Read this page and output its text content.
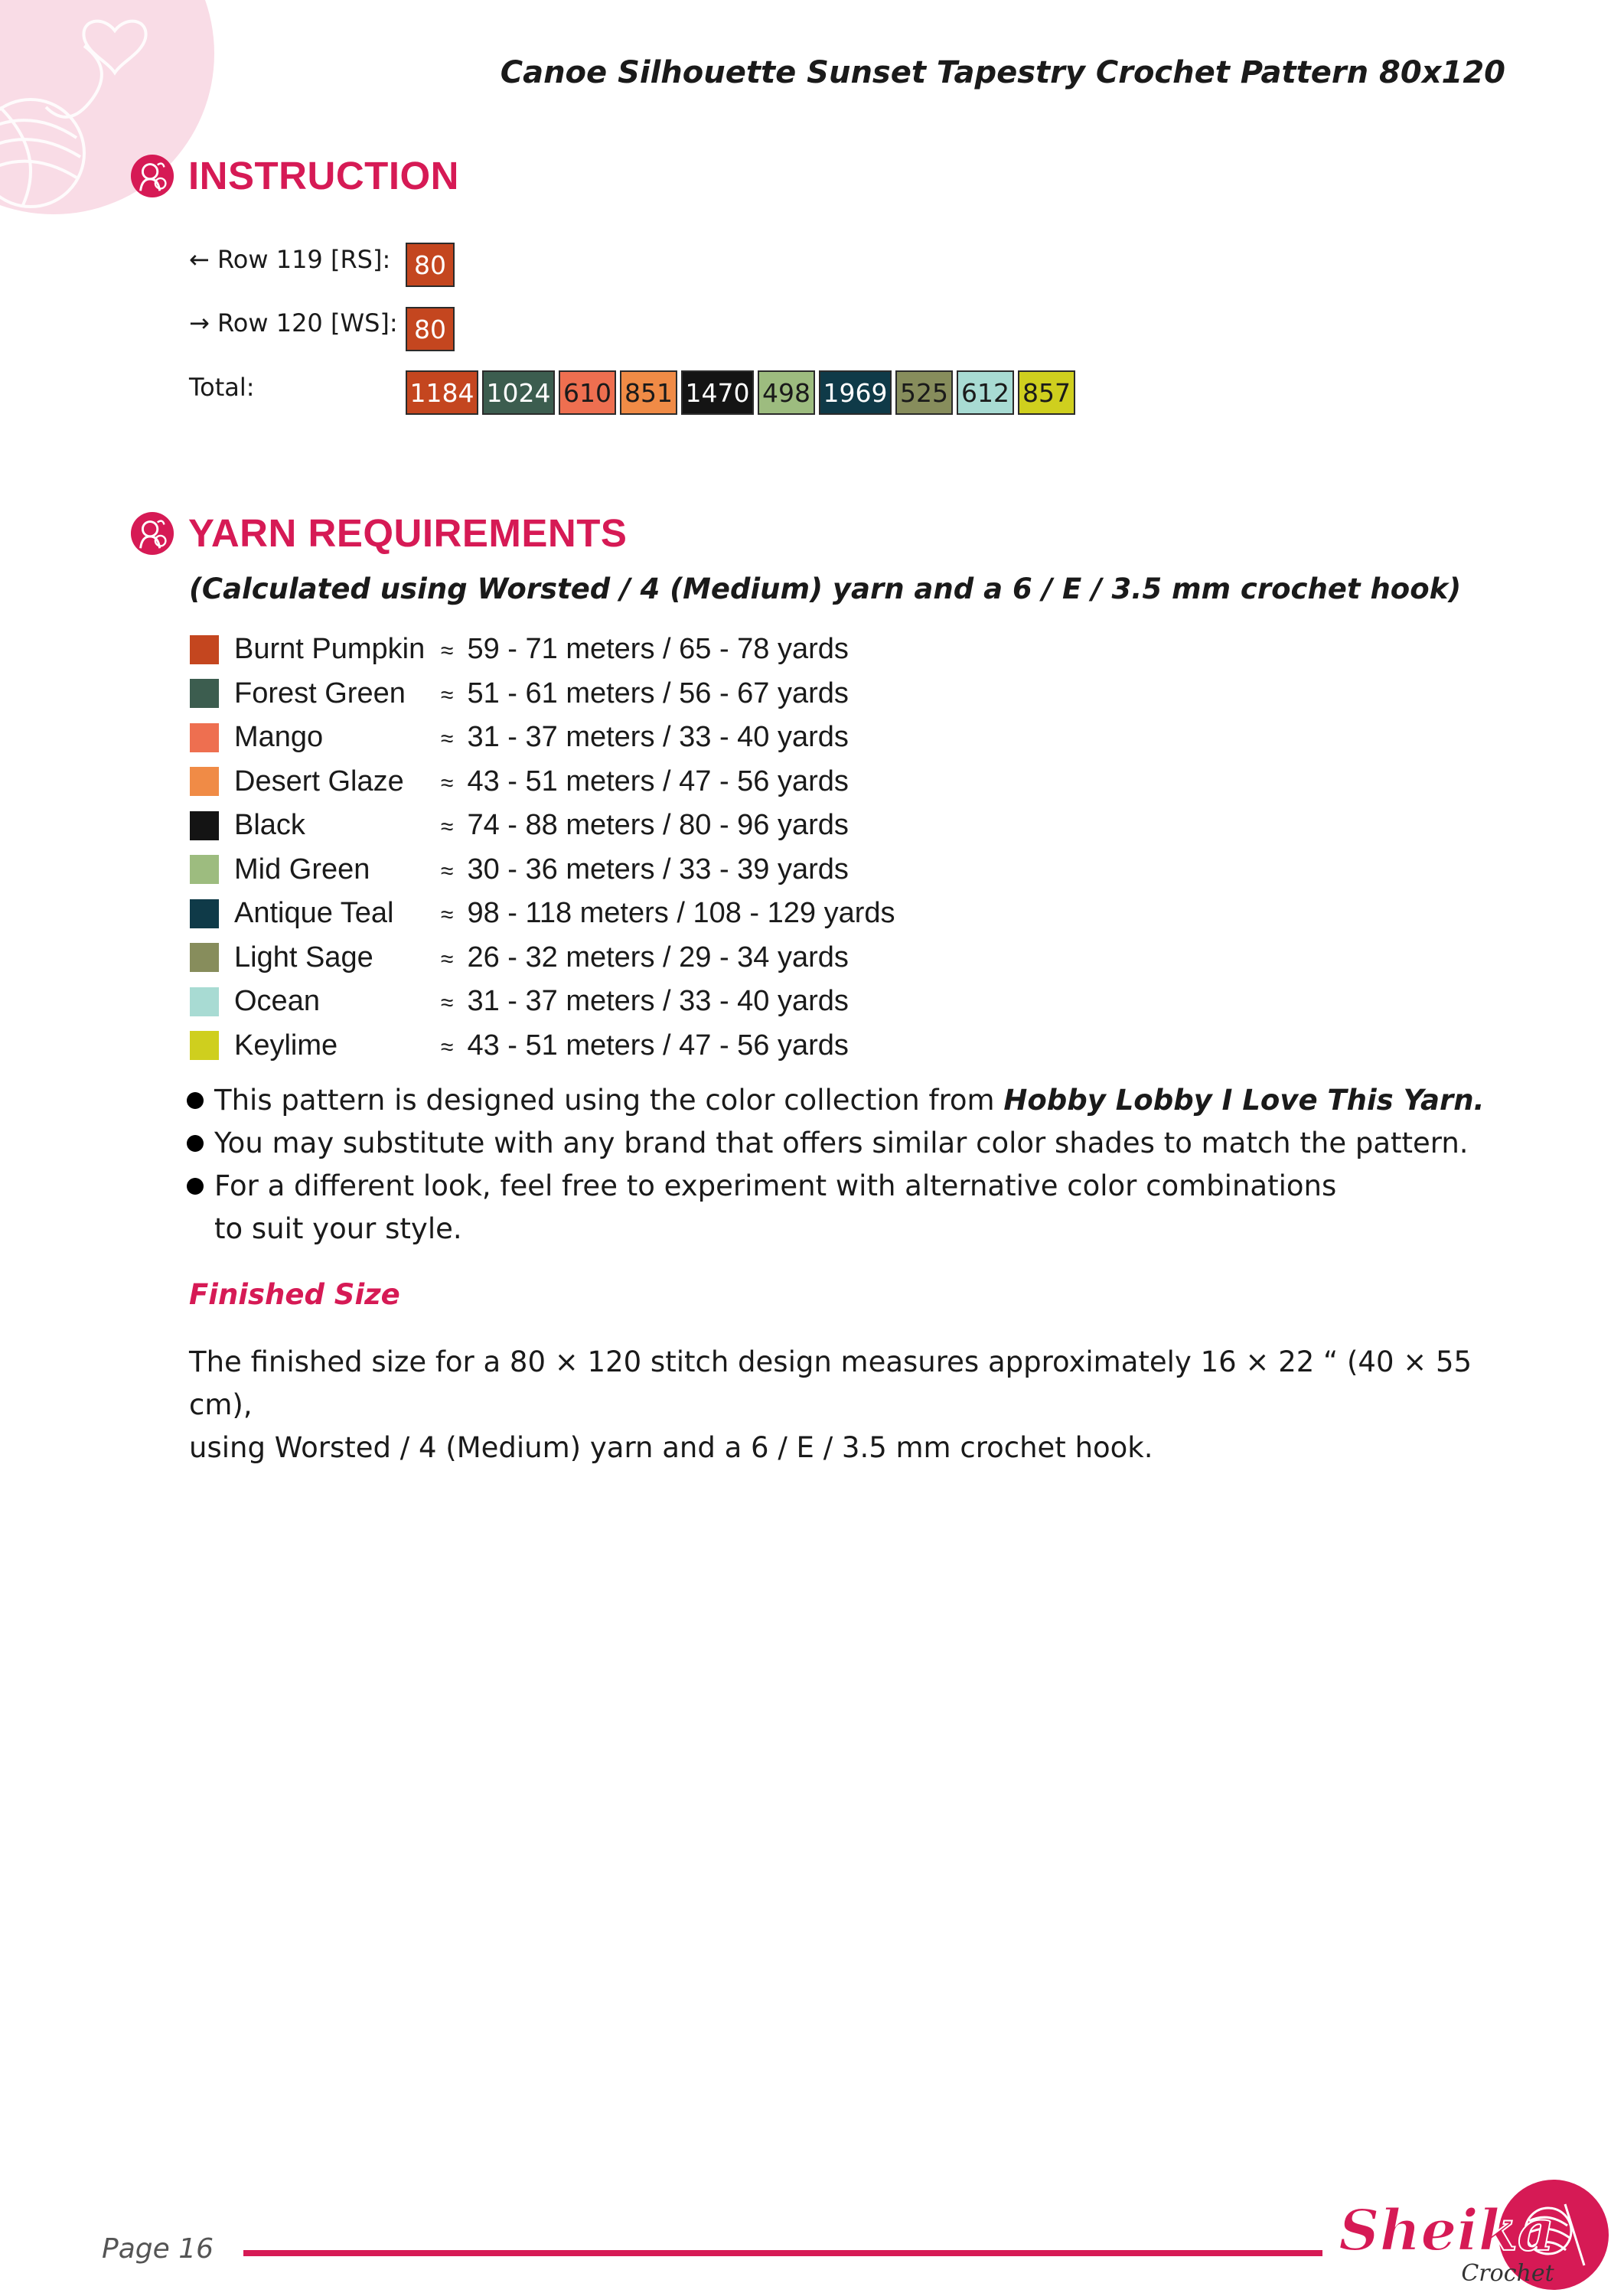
Canoe Silhouette Sunset Tapestry Crochet Pattern 80x120
INSTRUCTION
← Row 119 [RS]: 80
→ Row 120 [WS]: 80
Total:	1184 1024 610 851 1470 498 1969 525 612 857
YARN REQUIREMENTS
(Calculated using Worsted / 4 (Medium) yarn and a 6 / E / 3.5 mm crochet hook)
Burnt Pumpkin ≈ 59 - 71 meters / 65 - 78 yards
Forest Green	≈ 51 - 61 meters / 56 - 67 yards
Mango	≈ 31 - 37 meters / 33 - 40 yards
Desert Glaze	≈ 43 - 51 meters / 47 - 56 yards
Black	≈ 74 - 88 meters / 80 - 96 yards
Mid Green	≈ 30 - 36 meters / 33 - 39 yards
Antique Teal	≈ 98 - 118 meters / 108 - 129 yards
Light Sage	≈ 26 - 32 meters / 29 - 34 yards
Ocean	≈ 31 - 37 meters / 33 - 40 yards
Keylime	≈ 43 - 51 meters / 47 - 56 yards
This pattern is designed using the color collection from Hobby Lobby I Love This Yarn.
You may substitute with any brand that offers similar color shades to match the pattern.
For a different look, feel free to experiment with alternative color combinations
to suit your style.
Finished Size
The finished size for a 80 × 120 stitch design measures approximately 16 × 22 “ (40 × 55 cm),
using Worsted / 4 (Medium) yarn and a 6 / E / 3.5 mm crochet hook.
Page 16	Sheika
Crochet
